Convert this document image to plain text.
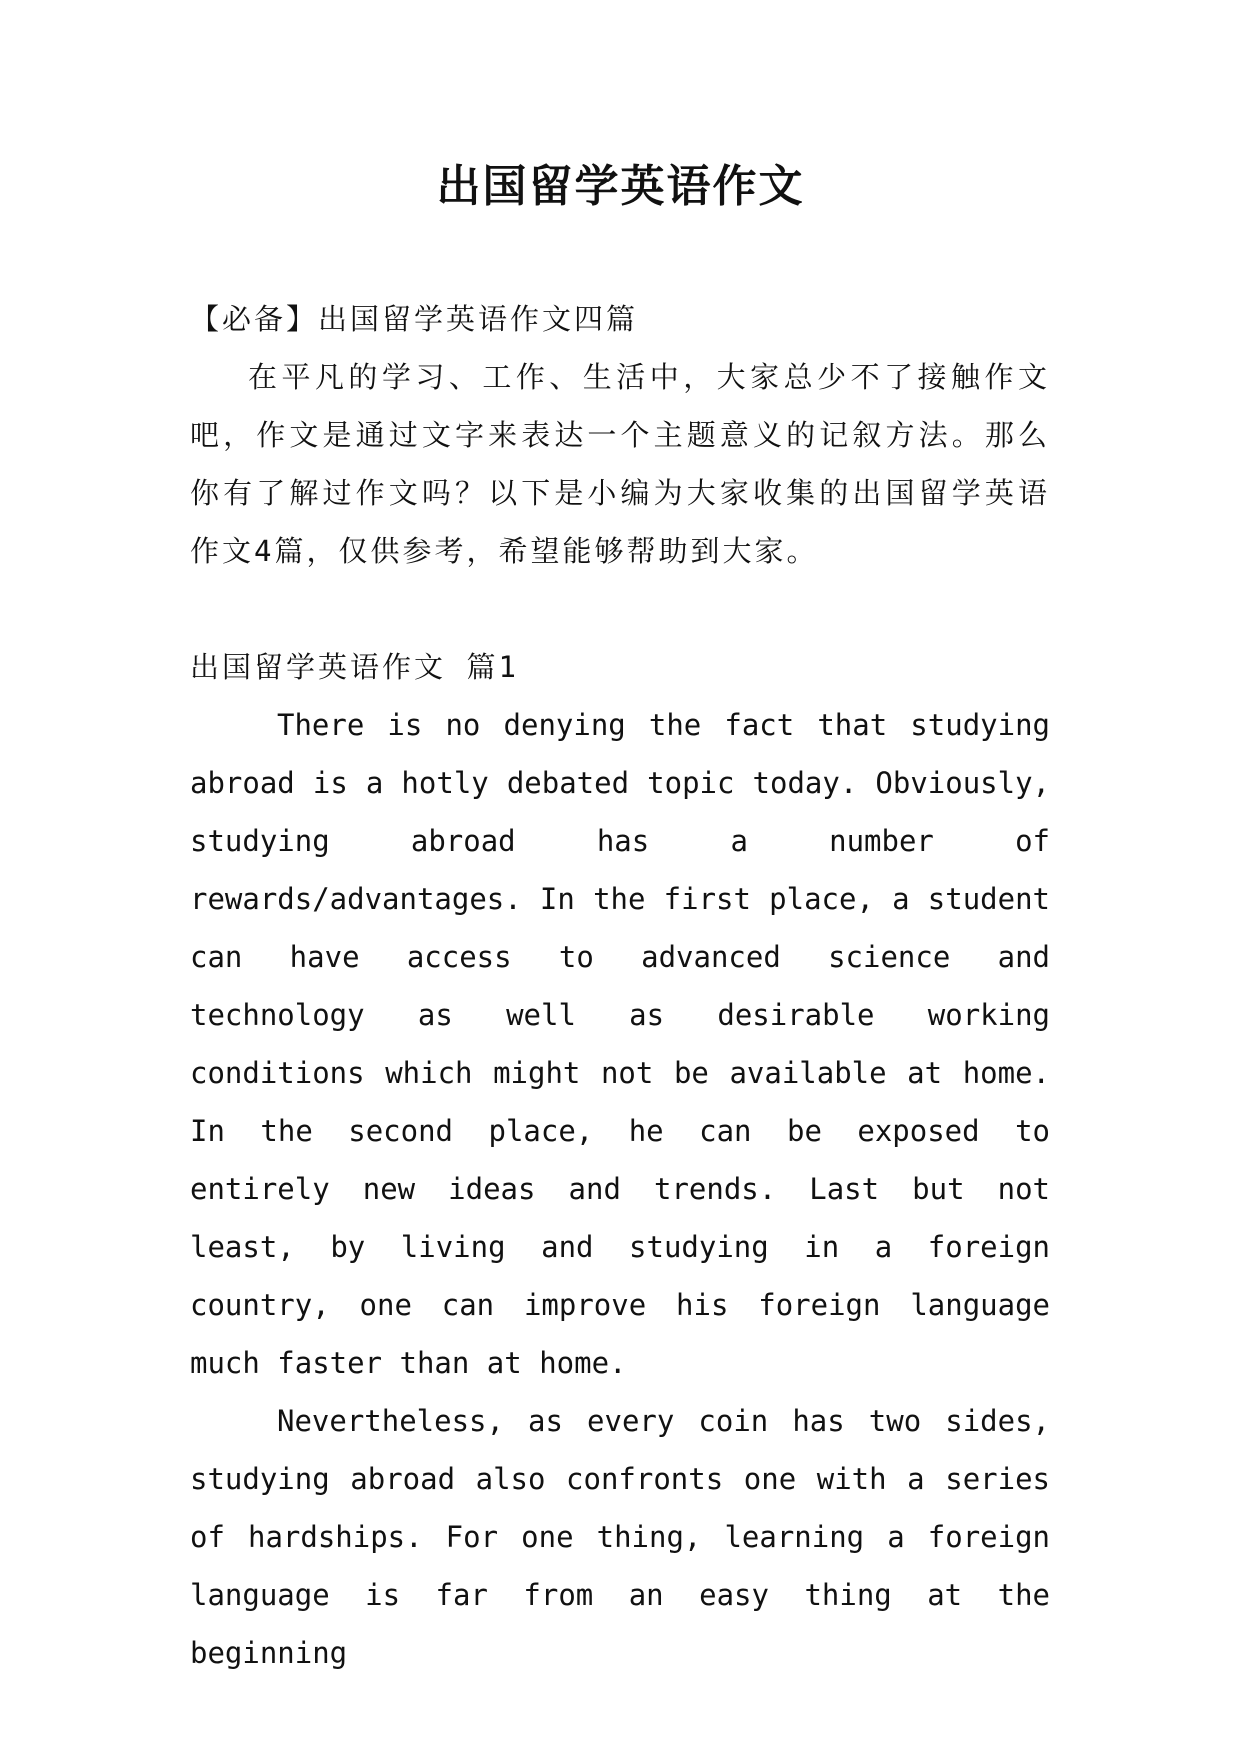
出国留学英语作文

【必备】出国留学英语作文四篇

在平凡的学习、工作、生活中，大家总少不了接触作文吧，作文是通过文字来表达一个主题意义的记叙方法。那么你有了解过作文吗？以下是小编为大家收集的出国留学英语作文4篇，仅供参考，希望能够帮助到大家。

出国留学英语作文 篇1

There is no denying the fact that studying abroad is a hotly debated topic today. Obviously, studying abroad has a number of rewards/advantages. In the first place, a student can have access to advanced science and technology as well as desirable working conditions which might not be available at home. In the second place, he can be exposed to entirely new ideas and trends. Last but not least, by living and studying in a foreign country, one can improve his foreign language much faster than at home.

Nevertheless, as every coin has two sides, studying abroad also confronts one with a series of hardships. For one thing, learning a foreign language is far from an easy thing at the beginning
